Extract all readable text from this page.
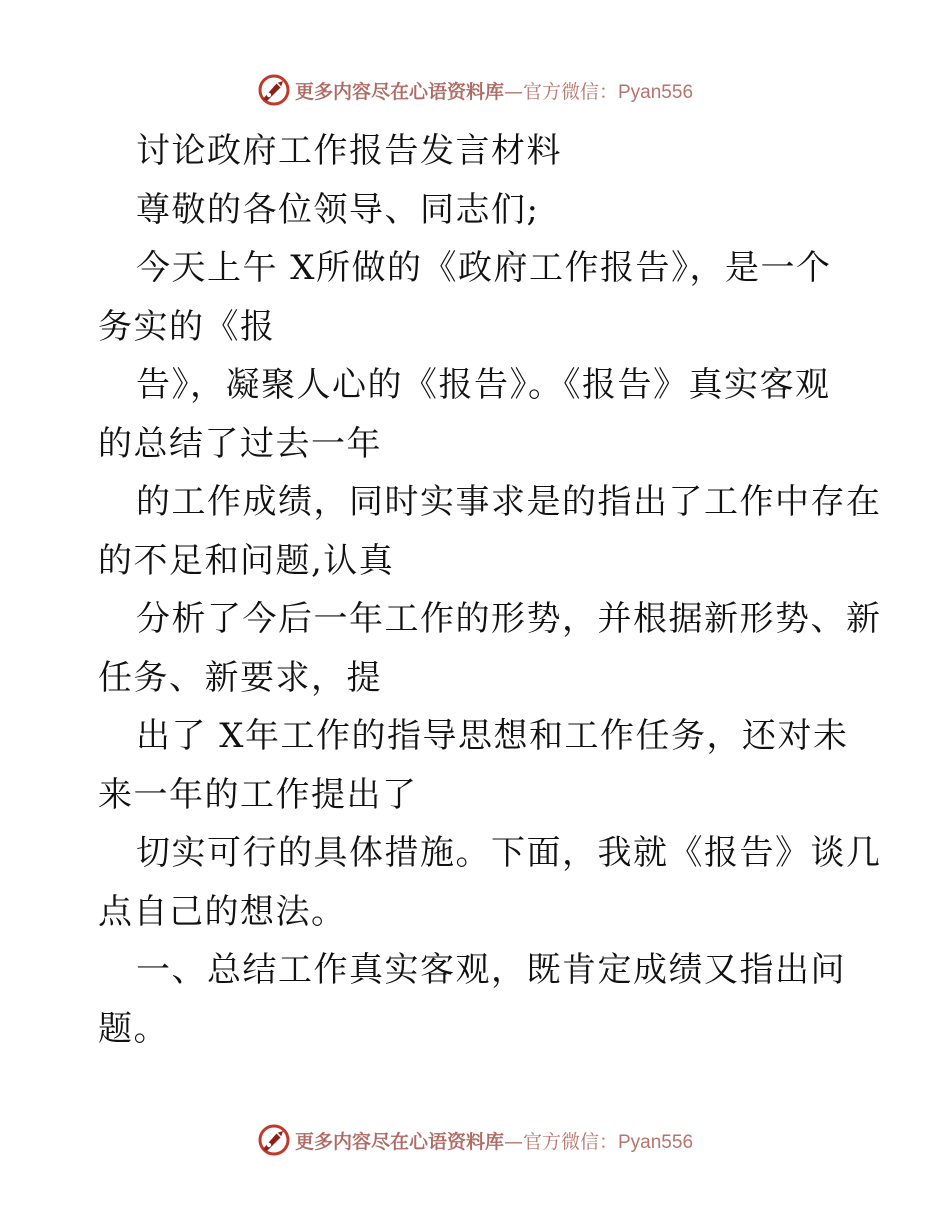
更多内容尽在心语资料库—官方微信：Pyan556
讨论政府工作报告发言材料
尊敬的各位领导、同志们;
今天上午 X所做的《政府工作报告》，是一个
务实的《报
告》，凝聚人心的《报告》。《报告》真实客观
的总结了过去一年
的工作成绩，同时实事求是的指出了工作中存在
的不足和问题,认真
分析了今后一年工作的形势，并根据新形势、新
任务、新要求，提
出了 X年工作的指导思想和工作任务，还对未
来一年的工作提出了
切实可行的具体措施。下面，我就《报告》谈几
点自己的想法。
一、总结工作真实客观，既肯定成绩又指出问
题。
更多内容尽在心语资料库—官方微信：Pyan556
